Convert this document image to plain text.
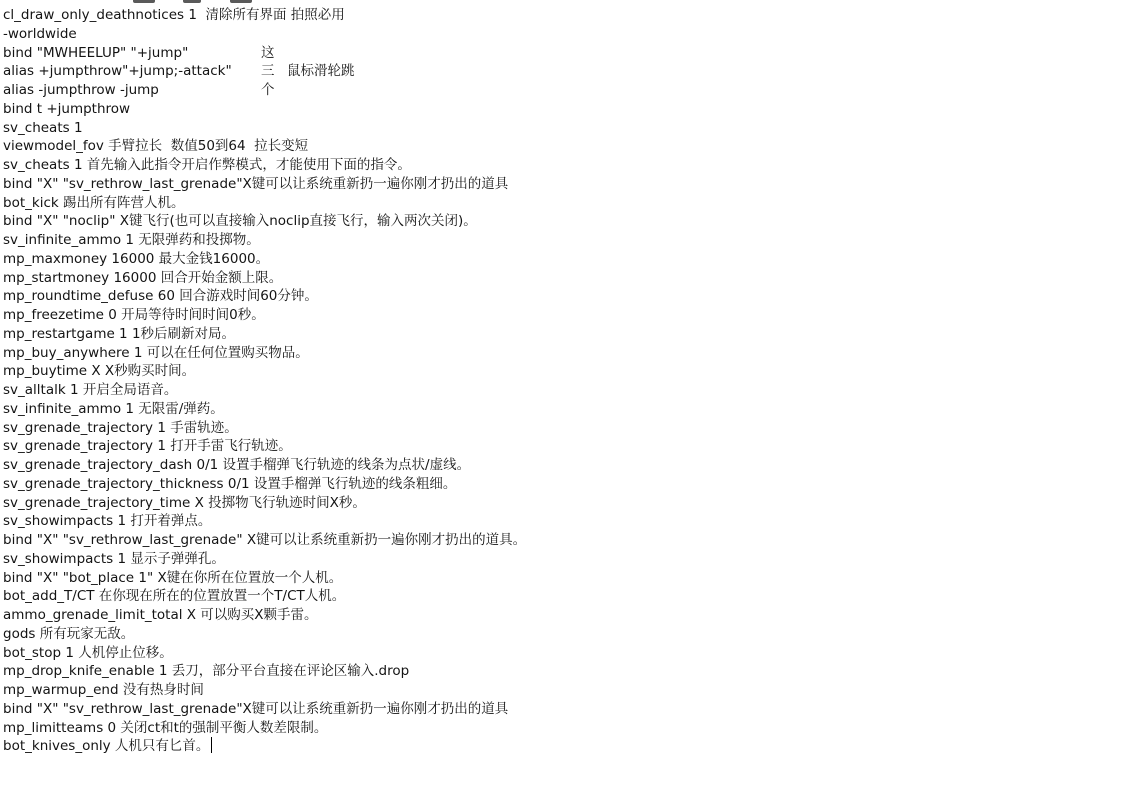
cl_draw_only_deathnotices 1  清除所有界面 拍照必用
-worldwide
bind "MWHEELUP" "+jump"	这
alias +jumpthrow"+jump;-attack" 三 鼠标滑轮跳
alias -jumpthrow -jump	个
bind t +jumpthrow
sv_cheats 1
viewmodel_fov 手臂拉长  数值50到64  拉长变短
sv_cheats 1 首先输入此指令开启作弊模式，才能使用下面的指令。
bind "X" "sv_rethrow_last_grenade"X键可以让系统重新扔一遍你刚才扔出的道具
bot_kick 踢出所有阵营人机。
bind "X" "noclip" X键飞行(也可以直接输入noclip直接飞行，输入两次关闭)。
sv_infinite_ammo 1 无限弹药和投掷物。
mp_maxmoney 16000 最大金钱16000。
mp_startmoney 16000 回合开始金额上限。
mp_roundtime_defuse 60 回合游戏时间60分钟。
mp_freezetime 0 开局等待时间时间0秒。
mp_restartgame 1 1秒后刷新对局。
mp_buy_anywhere 1 可以在任何位置购买物品。
mp_buytime X X秒购买时间。
sv_alltalk 1 开启全局语音。
sv_infinite_ammo 1 无限雷/弹药。
sv_grenade_trajectory 1 手雷轨迹。
sv_grenade_trajectory 1 打开手雷飞行轨迹。
sv_grenade_trajectory_dash 0/1 设置手榴弹飞行轨迹的线条为点状/虚线。
sv_grenade_trajectory_thickness 0/1 设置手榴弹飞行轨迹的线条粗细。
sv_grenade_trajectory_time X 投掷物飞行轨迹时间X秒。
sv_showimpacts 1 打开着弹点。
bind "X" "sv_rethrow_last_grenade" X键可以让系统重新扔一遍你刚才扔出的道具。
sv_showimpacts 1 显示子弹弹孔。
bind "X" "bot_place 1" X键在你所在位置放一个人机。
bot_add_T/CT 在你现在所在的位置放置一个T/CT人机。
ammo_grenade_limit_total X 可以购买X颗手雷。
gods 所有玩家无敌。
bot_stop 1 人机停止位移。
mp_drop_knife_enable 1 丢刀，部分平台直接在评论区输入.drop
mp_warmup_end 没有热身时间
bind "X" "sv_rethrow_last_grenade"X键可以让系统重新扔一遍你刚才扔出的道具
mp_limitteams 0 关闭ct和t的强制平衡人数差限制。
bot_knives_only 人机只有匕首。
